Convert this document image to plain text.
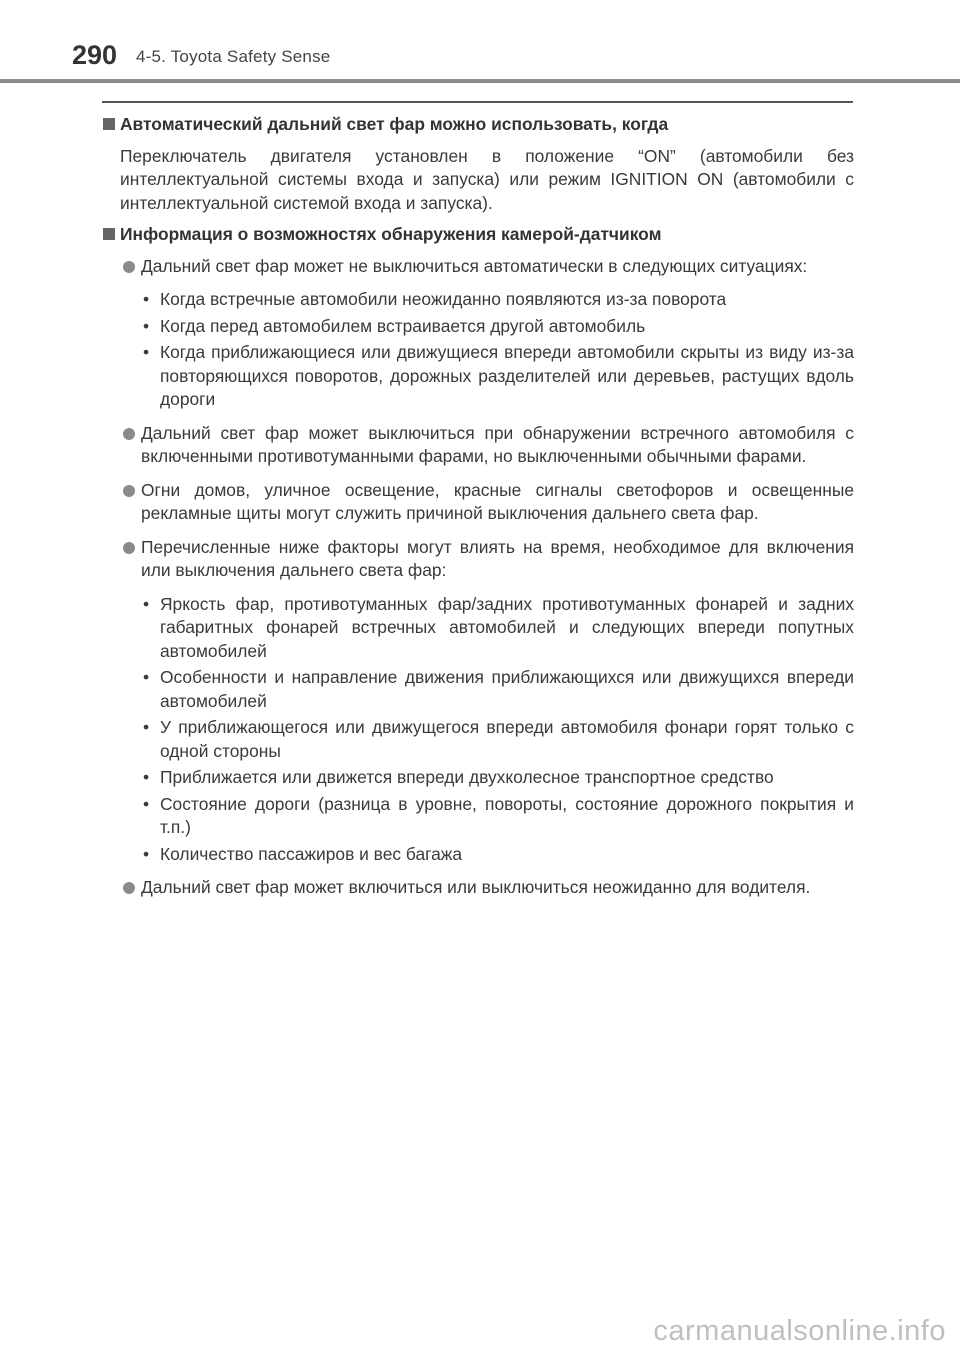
290 4-5. Toyota Safety Sense
Автоматический дальний свет фар можно использовать, когда

Переключатель двигателя установлен в положение “ON” (автомобили без интеллектуальной системы входа и запуска) или режим IGNITION ON (автомобили с интеллектуальной системой входа и запуска).

Информация о возможностях обнаружения камерой-датчиком
Дальний свет фар может не выключиться автоматически в следующих ситуациях:
• Когда встречные автомобили неожиданно появляются из-за поворота
• Когда перед автомобилем встраивается другой автомобиль
• Когда приближающиеся или движущиеся впереди автомобили скрыты из виду из-за повторяющихся поворотов, дорожных разделителей или деревьев, растущих вдоль дороги
Дальний свет фар может выключиться при обнаружении встречного автомобиля с включенными противотуманными фарами, но выключенными обычными фарами.
Огни домов, уличное освещение, красные сигналы светофоров и освещенные рекламные щиты могут служить причиной выключения дальнего света фар.
Перечисленные ниже факторы могут влиять на время, необходимое для включения или выключения дальнего света фар:
• Яркость фар, противотуманных фар/задних противотуманных фонарей и задних габаритных фонарей встречных автомобилей и следующих впереди попутных автомобилей
• Особенности и направление движения приближающихся или движущихся впереди автомобилей
• У приближающегося или движущегося впереди автомобиля фонари горят только с одной стороны
• Приближается или движется впереди двухколесное транспортное средство
• Состояние дороги (разница в уровне, повороты, состояние дорожного покрытия и т.п.)
• Количество пассажиров и вес багажа
Дальний свет фар может включиться или выключиться неожиданно для водителя.
carmanualsonline.info
